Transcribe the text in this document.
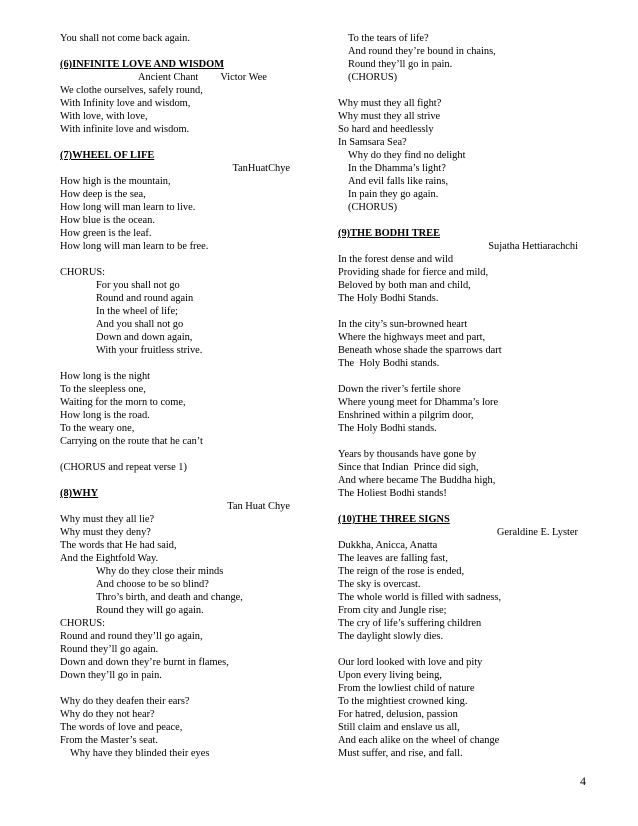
You shall not come back again.
(6)INFINITE LOVE AND WISDOM
Ancient Chant Victor Wee
We clothe ourselves, safely round,
With Infinity love and wisdom,
With love, with love,
With infinite love and wisdom.
(7)WHEEL OF LIFE
TanHuatChye
How high is the mountain,
How deep is the sea,
How long will man learn to live.
How blue is the ocean.
How green is the leaf.
How long will man learn to be free.
CHORUS:
For you shall not go
Round and round again
In the wheel of life;
And you shall not go
Down and down again,
With your fruitless strive.
How long is the night
To the sleepless one,
Waiting for the morn to come,
How long is the road.
To the weary one,
Carrying on the route that he can’t
(CHORUS and repeat verse 1)
(8)WHY
Tan Huat Chye
Why must they all lie?
Why must they deny?
The words that He had said,
And the Eightfold Way.
Why do they close their minds
And choose to be so blind?
Thro’s birth, and death and change,
Round they will go again.
CHORUS:
Round and round they’ll go again,
Round they’ll go again.
Down and down they’re burnt in flames,
Down they’ll go in pain.
Why do they deafen their ears?
Why do they not hear?
The words of love and peace,
From the Master’s seat.
Why have they blinded their eyes
To the tears of life?
And round they’re bound in chains,
Round they’ll go in pain.
(CHORUS)
Why must they all fight?
Why must they all strive
So hard and heedlessly
In Samsara Sea?
Why do they find no delight
In the Dhamma’s light?
And evil falls like rains,
In pain they go again.
(CHORUS)
(9)THE BODHI TREE
Sujatha Hettiarachchi
In the forest dense and wild
Providing shade for fierce and mild,
Beloved by both man and child,
The Holy Bodhi Stands.
In the city’s sun-browned heart
Where the highways meet and part,
Beneath whose shade the sparrows dart
The  Holy Bodhi stands.
Down the river’s fertile shore
Where young meet for Dhamma’s lore
Enshrined within a pilgrim door,
The Holy Bodhi stands.
Years by thousands have gone by
Since that Indian  Prince did sigh,
And where became The Buddha high,
The Holiest Bodhi stands!
(10)THE THREE SIGNS
Geraldine E. Lyster
Dukkha, Anicca, Anatta
The leaves are falling fast,
The reign of the rose is ended,
The sky is overcast.
The whole world is filled with sadness,
From city and Jungle rise;
The cry of life’s suffering children
The daylight slowly dies.
Our lord looked with love and pity
Upon every living being,
From the lowliest child of nature
To the mightiest crowned king.
For hatred, delusion, passion
Still claim and enslave us all,
And each alike on the wheel of change
Must suffer, and rise, and fall.
4
